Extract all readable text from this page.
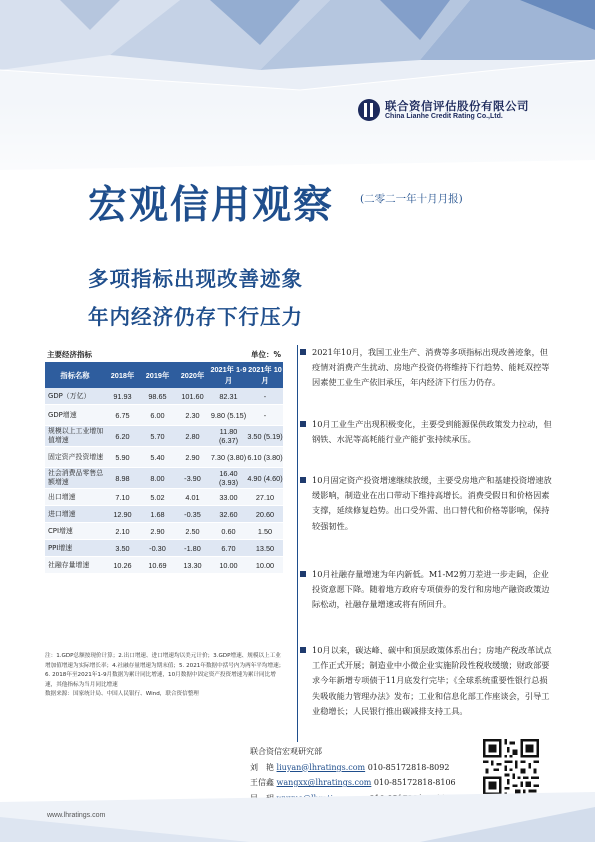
联合资信评估股份有限公司
China Lianhe Credit Rating Co.,Ltd.
宏观信用观察 (二零二一年十月月报)
多项指标出现改善迹象
年内经济仍存下行压力
主要经济指标	单位：%
指标名称	2018年	2019年	2020年	2021年 1-9月	2021年 10月
GDP（万亿）	91.93	98.65	101.60	82.31	-
GDP增速	6.75	6.00	2.30	9.80 (5.15)	-
规模以上工业增加值增速	6.20	5.70	2.80	11.80 (6.37)	3.50 (5.19)
固定资产投资增速	5.90	5.40	2.90	7.30 (3.80)	6.10 (3.80)
社会消费品零售总额增速	8.98	8.00	-3.90	16.40 (3.93)	4.90 (4.60)
出口增速	7.10	5.02	4.01	33.00	27.10
进口增速	12.90	1.68	-0.35	32.60	20.60
CPI增速	2.10	2.90	2.50	0.60	1.50
PPI增速	3.50	-0.30	-1.80	6.70	13.50
社融存量增速	10.26	10.69	13.30	10.00	10.00
注：1.GDP总额按现价计算；2.出口增速、进口增速均以美元计价；3.GDP增速、规模以上工业增加值增速为实际增长率；4.社融存量增速为期末值；5. 2021年数据中括号内为两年平均增速；6. 2018年至2021年1-9月数据为累计同比增速，10月数据中固定资产投资增速为累计同比增速，其他指标为当月同比增速
数据来源：国家统计局、中国人民银行、Wind，联合资信整理
2021年10月，我国工业生产、消费等多项指标出现改善迹象，但疫情对消费产生扰动、房地产投资仍将维持下行趋势、能耗双控等因素使工业生产依旧承压，年内经济下行压力仍存。
10月工业生产出现积极变化，主要受到能源保供政策发力拉动，但钢铁、水泥等高耗能行业产能扩张持续承压。
10月固定资产投资增速继续放缓，主要受房地产和基建投资增速放缓影响，制造业在出口带动下维持高增长。消费受假日和价格因素支撑，延续修复趋势。出口受外需、出口替代和价格等影响，保持较强韧性。
10月社融存量增速为年内新低。M1-M2剪刀差进一步走阔，企业投资意愿下降。随着地方政府专项债券的发行和房地产融资政策边际松动，社融存量增速或将有所回升。
10月以来，碳达峰、碳中和顶层政策体系出台；房地产税改革试点工作正式开展；制造业中小微企业实施阶段性税收缓缴；财政部要求今年新增专项债于11月底发行完毕；《全球系统重要性银行总损失吸收能力管理办法》发布；工业和信息化部工作座谈会，引导工业稳增长；人民银行推出碳减排支持工具。
联合资信宏观研究部
刘　艳 liuyan@lhratings.com 010-85172818-8092
王信鑫 wangxx@lhratings.com 010-85172818-8106
www.lhratings.com
